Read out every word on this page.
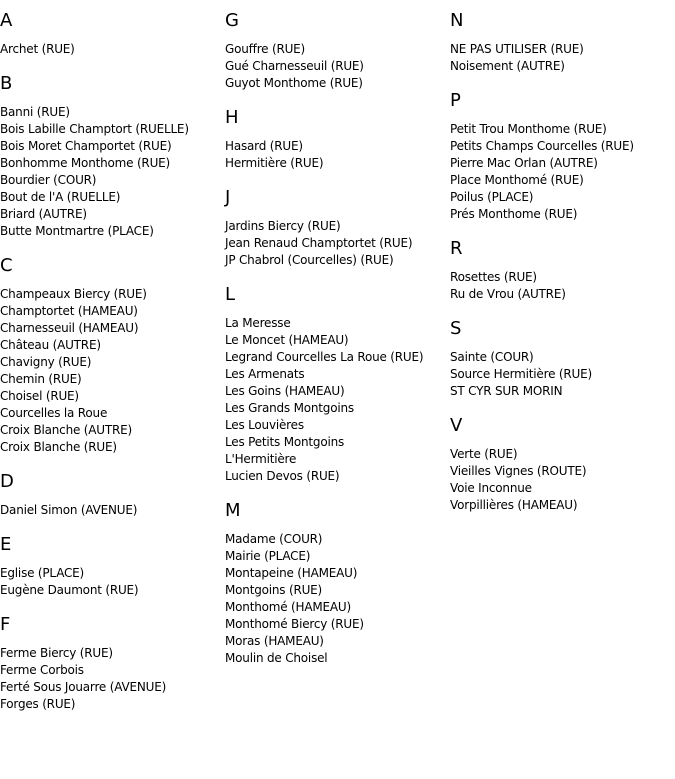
A
Archet (RUE)
B
Banni (RUE)
Bois Labille Champtort (RUELLE)
Bois Moret Champortet (RUE)
Bonhomme Monthome (RUE)
Bourdier (COUR)
Bout de l'A (RUELLE)
Briard (AUTRE)
Butte Montmartre (PLACE)
C
Champeaux Biercy (RUE)
Champtortet (HAMEAU)
Charnesseuil (HAMEAU)
Château (AUTRE)
Chavigny (RUE)
Chemin (RUE)
Choisel (RUE)
Courcelles la Roue
Croix Blanche (AUTRE)
Croix Blanche (RUE)
D
Daniel Simon (AVENUE)
E
Eglise (PLACE)
Eugène Daumont (RUE)
F
Ferme Biercy (RUE)
Ferme Corbois
Ferté Sous Jouarre (AVENUE)
Forges (RUE)
G
Gouffre (RUE)
Gué Charnesseuil (RUE)
Guyot Monthome (RUE)
H
Hasard (RUE)
Hermitière (RUE)
J
Jardins Biercy (RUE)
Jean Renaud Champtortet (RUE)
JP Chabrol (Courcelles) (RUE)
L
La Meresse
Le Moncet (HAMEAU)
Legrand Courcelles La Roue (RUE)
Les Armenats
Les Goins (HAMEAU)
Les Grands Montgoins
Les Louvières
Les Petits Montgoins
L'Hermitière
Lucien Devos (RUE)
M
Madame (COUR)
Mairie (PLACE)
Montapeine (HAMEAU)
Montgoins (RUE)
Monthomé (HAMEAU)
Monthomé Biercy (RUE)
Moras (HAMEAU)
Moulin de Choisel
N
NE PAS UTILISER (RUE)
Noisement (AUTRE)
P
Petit Trou Monthome (RUE)
Petits Champs Courcelles (RUE)
Pierre Mac Orlan (AUTRE)
Place Monthomé (RUE)
Poilus (PLACE)
Prés Monthome (RUE)
R
Rosettes (RUE)
Ru de Vrou (AUTRE)
S
Sainte (COUR)
Source Hermitière (RUE)
ST CYR SUR MORIN
V
Verte (RUE)
Vieilles Vignes (ROUTE)
Voie Inconnue
Vorpillières (HAMEAU)
